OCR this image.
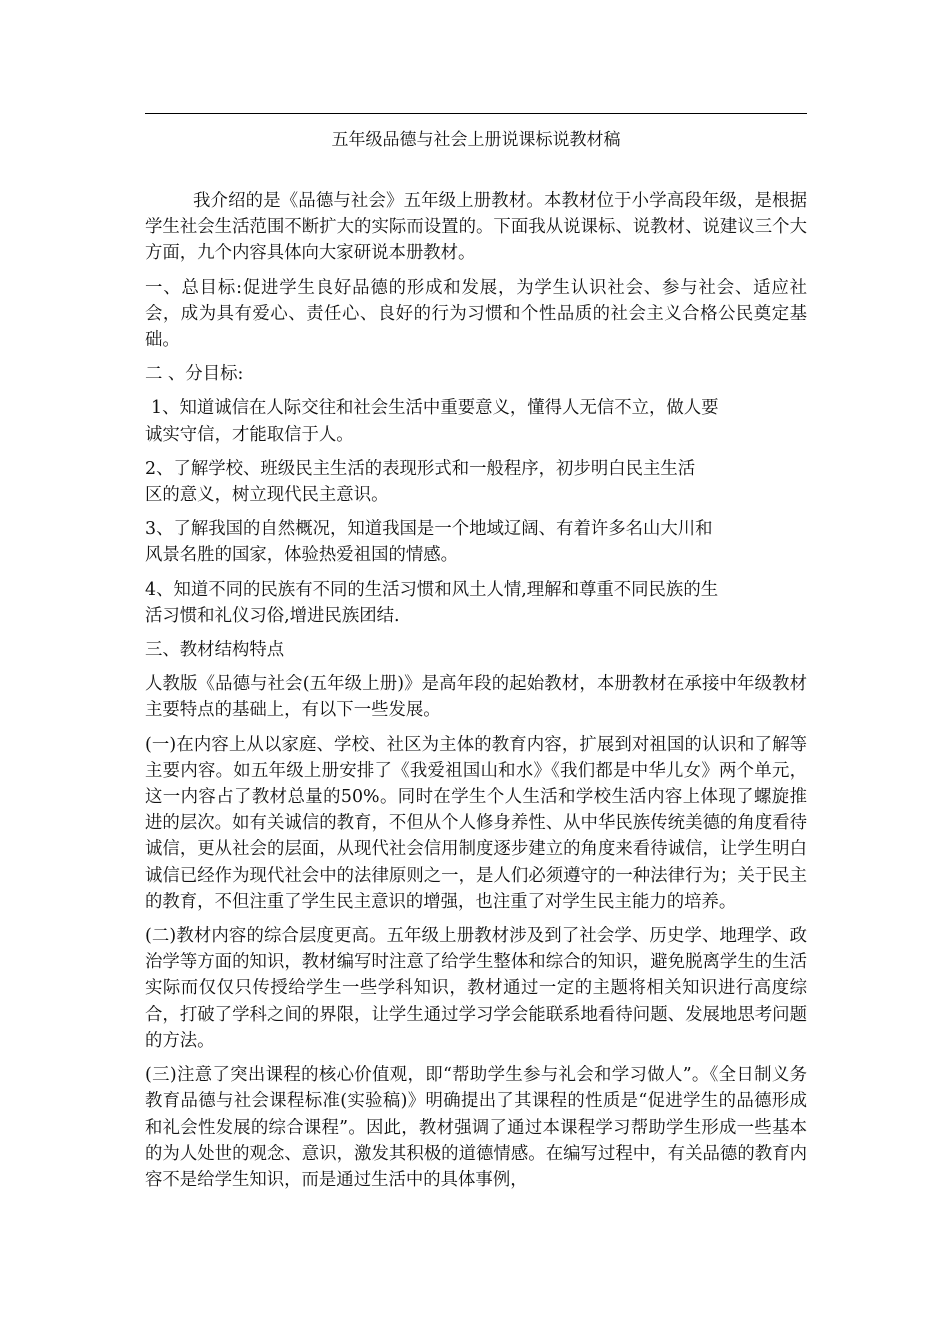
五年级品德与社会上册说课标说教材稿

我介绍的是《品德与社会》五年级上册教材。本教材位于小学高段年级，是根据学生社会生活范围不断扩大的实际而设置的。下面我从说课标、说教材、说建议三个大方面，九个内容具体向大家研说本册教材。

一、总目标:促进学生良好品德的形成和发展，为学生认识社会、参与社会、适应社会，成为具有爱心、责任心、良好的行为习惯和个性品质的社会主义合格公民奠定基础。

二 、分目标:

1、知道诚信在人际交往和社会生活中重要意义，懂得人无信不立，做人要
诚实守信，才能取信于人。

2、了解学校、班级民主生活的表现形式和一般程序，初步明白民主生活
区的意义，树立现代民主意识。

3、了解我国的自然概况，知道我国是一个地域辽阔、有着许多名山大川和
风景名胜的国家，体验热爱祖国的情感。

4、知道不同的民族有不同的生活习惯和风土人情,理解和尊重不同民族的生
活习惯和礼仪习俗,增进民族团结.

三、教材结构特点

人教版《品德与社会(五年级上册)》是高年段的起始教材，本册教材在承接中年级教材主要特点的基础上，有以下一些发展。

(一)在内容上从以家庭、学校、社区为主体的教育内容，扩展到对祖国的认识和了解等主要内容。如五年级上册安排了《我爱祖国山和水》《我们都是中华儿女》两个单元，这一内容占了教材总量的50%。同时在学生个人生活和学校生活内容上体现了螺旋推进的层次。如有关诚信的教育，不但从个人修身养性、从中华民族传统美德的角度看待诚信，更从社会的层面，从现代社会信用制度逐步建立的角度来看待诚信，让学生明白诚信已经作为现代社会中的法律原则之一，是人们必须遵守的一种法律行为；关于民主的教育，不但注重了学生民主意识的增强，也注重了对学生民主能力的培养。

(二)教材内容的综合层度更高。五年级上册教材涉及到了社会学、历史学、地理学、政治学等方面的知识，教材编写时注意了给学生整体和综合的知识，避免脱离学生的生活实际而仅仅只传授给学生一些学科知识，教材通过一定的主题将相关知识进行高度综合，打破了学科之间的界限，让学生通过学习学会能联系地看待问题、发展地思考问题的方法。

(三)注意了突出课程的核心价值观，即“帮助学生参与礼会和学习做人”。《全日制义务教育品德与社会课程标准(实验稿)》明确提出了其课程的性质是“促进学生的品德形成和礼会性发展的综合课程”。因此，教材强调了通过本课程学习帮助学生形成一些基本的为人处世的观念、意识，激发其积极的道德情感。在编写过程中，有关品德的教育内容不是给学生知识，而是通过生活中的具体事例，
